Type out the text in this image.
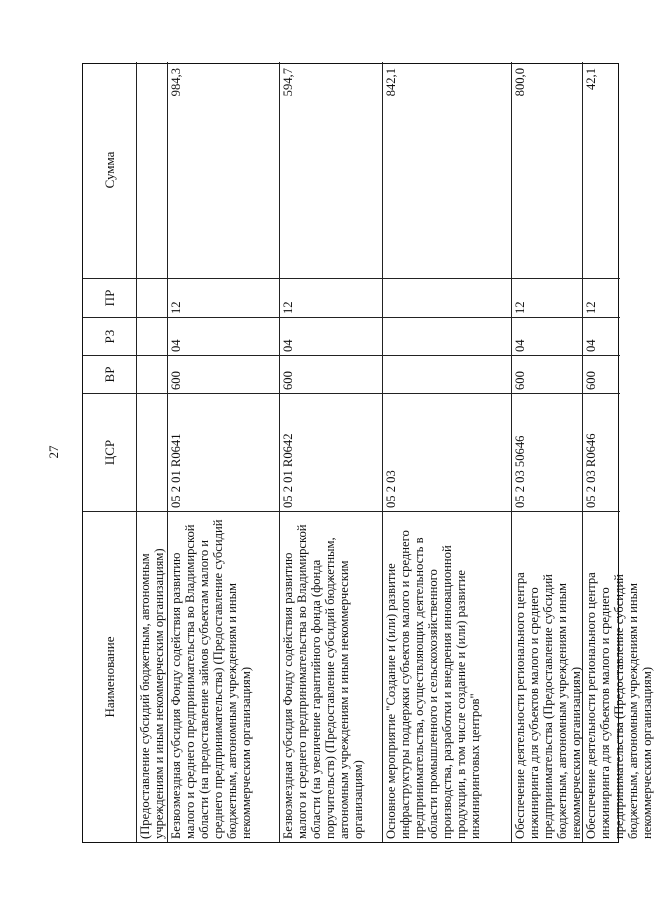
27
Наименование
ЦСР
ВР
РЗ
ПР
Сумма
(Предоставление субсидий бюджетным, автономным учреждениям и иным некоммерческим организациям) Безвозмездная субсидия Фонду содействия развитию малого и среднего предпринимательства во Владимирской области (на предоставление займов субъектам малого и среднего предпринимательства) (Предоставление субсидий бюджетным, автономным учреждениям и иным некоммерческим организациям)
05 2 01 R0641
600
04
12
984,3
Безвозмездная субсидия Фонду содействия развитию малого и среднего предпринимательства во Владимирской области (на увеличение гарантийного фонда (фонда поручительств) (Предоставление субсидий бюджетным, автономным учреждениям и иным некоммерческим организациям)
05 2 01 R0642
600
04
12
594,7
Основное мероприятие "Создание и (или) развитие инфраструктуры поддержки субъектов малого и среднего предпринимательства, осуществляющих деятельность в области промышленного и сельскохозяйственного производства, разработки и внедрения инновационной продукции, в том числе создание и (или) развитие инжиниринговых центров"
05 2 03
842,1
Обеспечение деятельности регионального центра инжиниринга для субъектов малого и среднего предпринимательства (Предоставление субсидий бюджетным, автономным учреждениям и иным некоммерческим организациям)
05 2 03 50646
600
04
12
800,0
Обеспечение деятельности регионального центра инжиниринга для субъектов малого и среднего предпринимательства (Предоставление субсидий бюджетным, автономным учреждениям и иным некоммерческим организациям)
05 2 03 R0646
600
04
12
42,1
